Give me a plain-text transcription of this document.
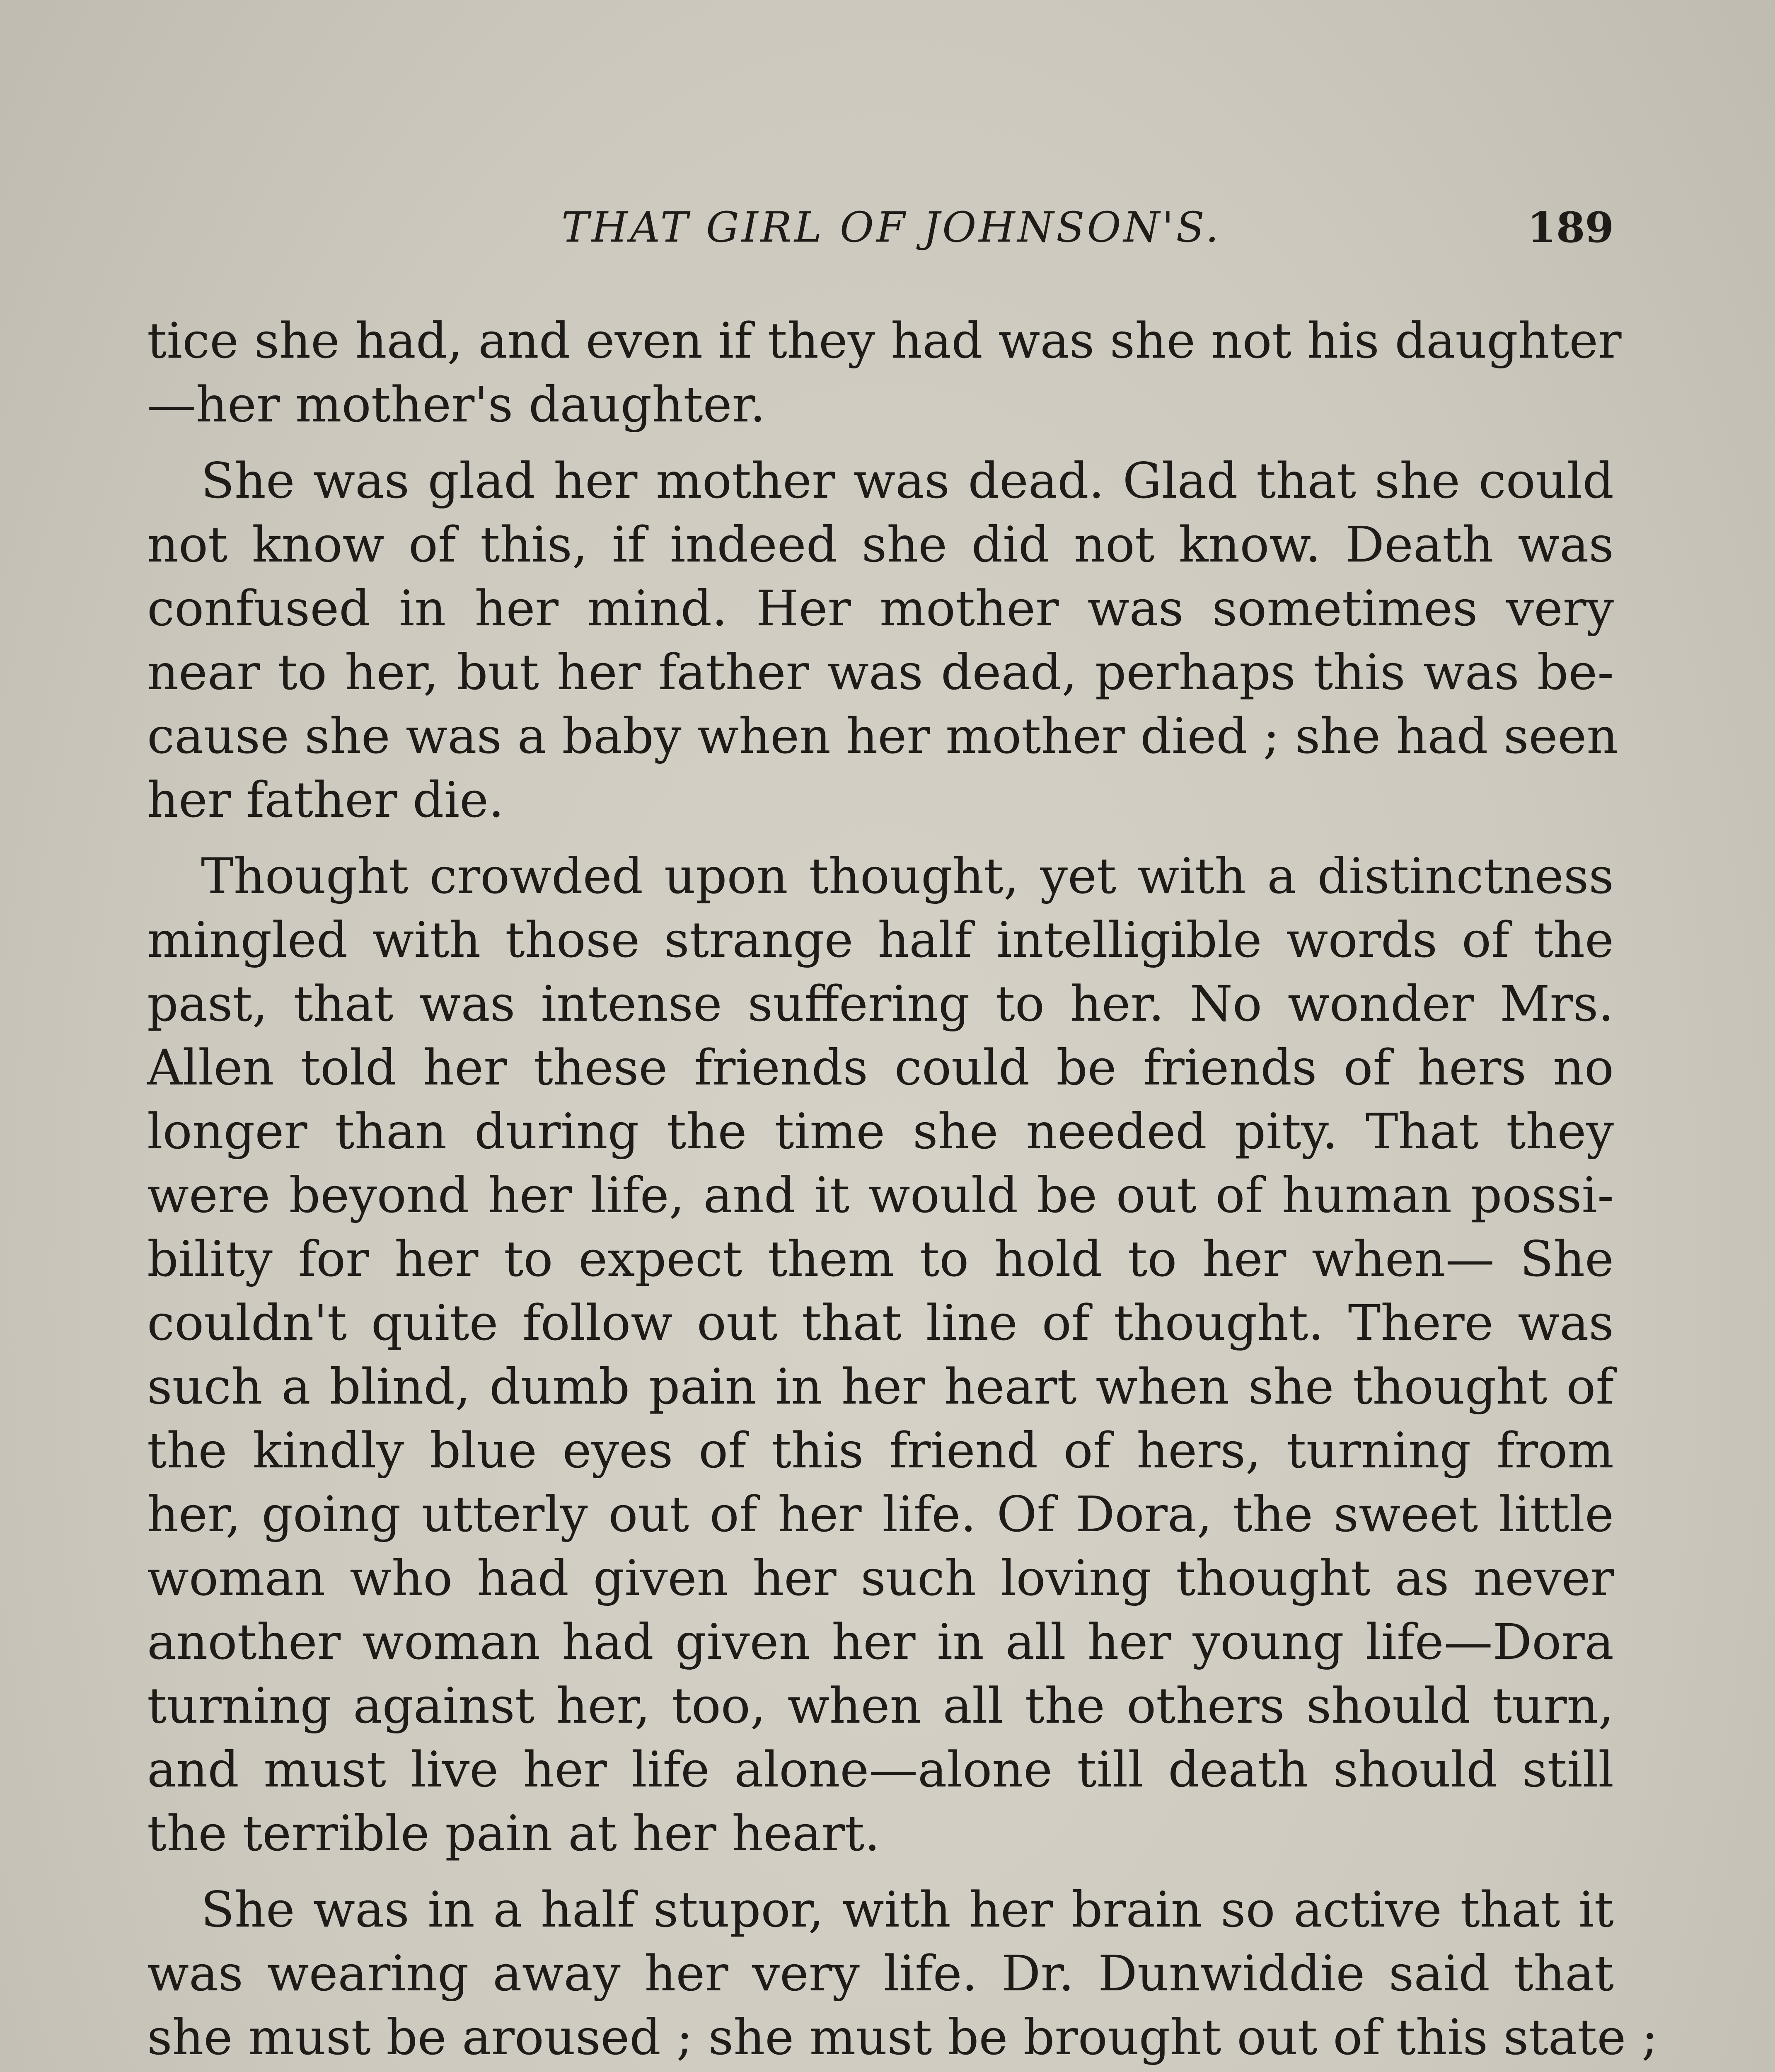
THAT GIRL OF JOHNSON'S.	189
tice she had, and even if they had was she not his daughter
—her mother's daughter.
She was glad her mother was dead. Glad that she could
not know of this, if indeed she did not know. Death was
confused in her mind. Her mother was sometimes very
near to her, but her father was dead, perhaps this was be-
cause she was a baby when her mother died ; she had seen
her father die.
Thought crowded upon thought, yet with a distinctness
mingled with those strange half intelligible words of the
past, that was intense suffering to her. No wonder Mrs.
Allen told her these friends could be friends of hers no
longer than during the time she needed pity. That they
were beyond her life, and it would be out of human possi-
bility for her to expect them to hold to her when— She
couldn't quite follow out that line of thought. There was
such a blind, dumb pain in her heart when she thought of
the kindly blue eyes of this friend of hers, turning from
her, going utterly out of her life. Of Dora, the sweet little
woman who had given her such loving thought as never
another woman had given her in all her young life—Dora
turning against her, too, when all the others should turn,
and must live her life alone—alone till death should still
the terrible pain at her heart.
She was in a half stupor, with her brain so active that it
was wearing away her very life. Dr. Dunwiddie said that
she must be aroused ; she must be brought out of this state ;
